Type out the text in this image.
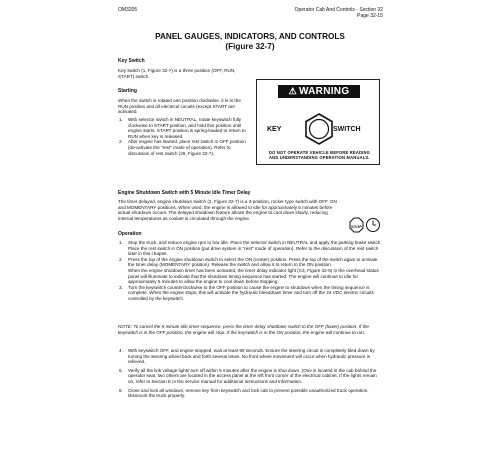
OM3205	Operator Cab And Controls - Section 32
Page 32-15
PANEL GAUGES, INDICATORS, AND CONTROLS
(Figure 32-7)
Key Switch
Key switch (1, Figure 32-7) is a three position (OFF, RUN, START) switch.
Starting
When the switch is rotated one position clockwise, it is in the RUN position and all electrical circuits (except START are activated.
1. With selector switch in NEUTRAL, rotate keyswitch fully clockwise to START position, and hold this position until engine starts. START position is spring-loaded to return to RUN when key is released.

2. After engine has started, place rest switch in OFF position (de-activate the "rest" mode of operation). Refer to discussion of rest switch (26, Figure 32-7).

⚠ WARNING
KEY	SWITCH
DO NOT OPERATE VEHICLE BEFORE READING AND UNDERSTANDING OPERATION MANUALS.
Engine Shutdown Switch with 5 Minute Idle Timer Delay
The timer delayed, engine shutdown switch (2, Figure 32-7) is a 3-position, rocker type switch with OFF, ON and MOMENTARY positions. When used, the engine is allowed to idle for approximately 5 minutes before actual shutdown occurs. The delayed shutdown feature allows the engine to cool down slowly, reducing internal temperatures as coolant is circulated through the engine.
STOP
Operation
1. Stop the truck, and reduce engine rpm to low idle. Place the selector switch in NEUTRAL and apply the parking brake switch. Place the rest switch in ON position (put drive system in "rest" mode of operation). Refer to the discussion of the rest switch later in this chapter.

2. Press the top of the engine shutdown switch to select the ON (center) position. Press the top of the switch again to activate the timer delay (MOMENTARY position). Release the switch and allow it to return to the ON position.

When the engine shutdown timer has been activated, the timer delay indicator light (C4, Figure 32-8) in the overhead status panel will illuminate to indicate that the shutdown timing sequence has started. The engine will continue to idle for approximately 5 minutes to allow the engine to cool down before stopping.

3. Turn the keyswitch counterclockwise to the OFF position to cause the engine to shutdown when the timing sequence is complete. When the engine stops, this will activate the hydraulic bleeddown timer and turn off the 24 VDC electric circuits controlled by the keyswitch.

NOTE: To cancel the 5 minute idle timer sequence, press the timer delay shutdown switch to the OFF (lower) position. If the keyswitch is in the OFF position, the engine will stop. If the keyswitch is in the ON position, the engine will continue to run.
4. With keyswitch OFF, and engine stopped, wait at least 90 seconds. Ensure the steering circuit is completely bled down by turning the steering wheel back and forth several times. No front wheel movement will occur when hydraulic pressure is relieved.

5. Verify all the link voltage lights turn off within 5 minutes after the engine is shut down. (One is located in the cab behind the operator seat, two others are located in the access panel at the left front corner of the electrical cabinet. If the lights remain on, refer to Section E in the service manual for additional instructions and information.

6. Close and lock all windows, remove key from keyswitch and lock cab to prevent possible unauthorized truck operation. Dismount the truck properly.
